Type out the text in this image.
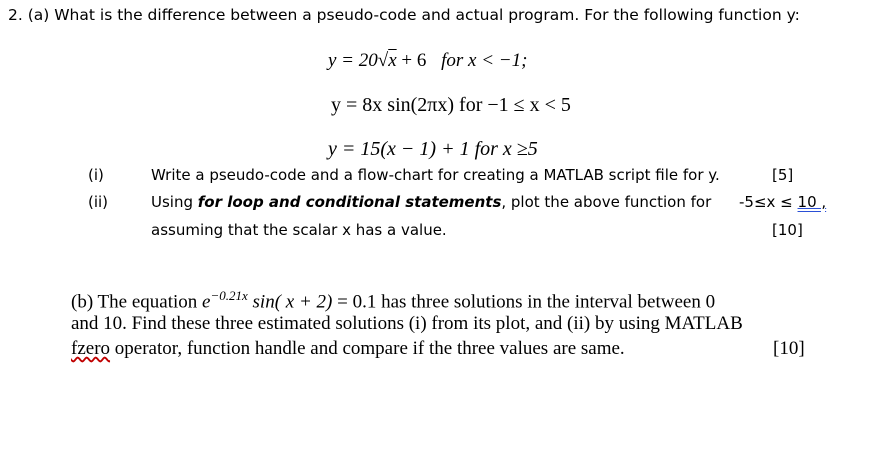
2. (a) What is the difference between a pseudo-code and actual program. For the following function y:
y = 20√x + 6 for x < −1;
y = 8x sin(2πx) for −1 ≤ x < 5
y = 15(x − 1) + 1 for x ≥5
(i)	Write a pseudo-code and a flow-chart for creating a MATLAB script file for y.	[5]
(ii)	Using for loop and conditional statements, plot the above function for -5≤x ≤ 10 ,
assuming that the scalar x has a value.	[10]
(b) The equation $e^{-0.21x}$ sin( x + 2) = 0.1 has three solutions in the interval between 0
and 10. Find these three estimated solutions (i) from its plot, and (ii) by using MATLAB
fzero operator, function handle and compare if the three values are same.	[10]
